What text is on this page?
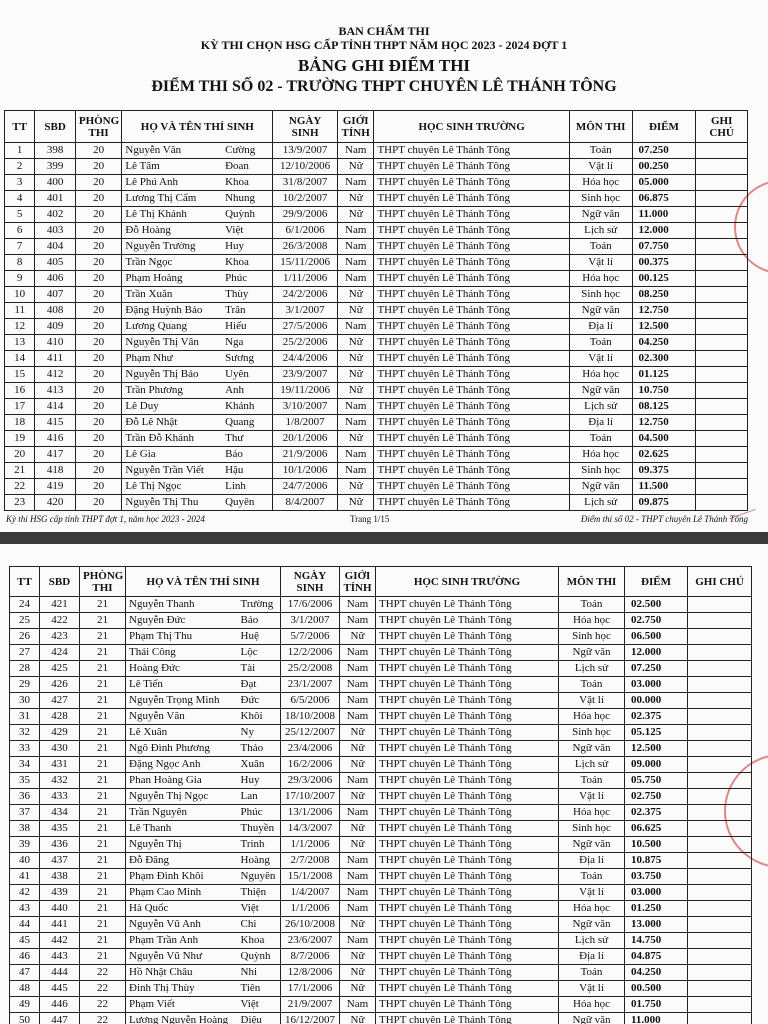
BAN CHẤM THI
KỲ THI CHỌN HSG CẤP TỈNH THPT NĂM HỌC 2023 - 2024 ĐỢT 1
BẢNG GHI ĐIỂM THI
ĐIỂM THI SỐ 02 - TRƯỜNG THPT CHUYÊN LÊ THÁNH TÔNG
TT	SBD	PHÒNG THI	HỌ VÀ TÊN THÍ SINH		NGÀY SINH	GIỚI TÍNH	HỌC SINH TRƯỜNG	MÔN THI	ĐIỂM	GHI CHÚ
1	398	20	Nguyễn Văn	Cường	13/9/2007	Nam	THPT chuyên Lê Thánh Tông	Toán	07.250	
2	399	20	Lê Tâm	Đoan	12/10/2006	Nữ	THPT chuyên Lê Thánh Tông	Vật lí	00.250	
3	400	20	Lê Phú Anh	Khoa	31/8/2007	Nam	THPT chuyên Lê Thánh Tông	Hóa học	05.000	
4	401	20	Lương Thị Cẩm	Nhung	10/2/2007	Nữ	THPT chuyên Lê Thánh Tông	Sinh học	06.875	
5	402	20	Lê Thị Khánh	Quỳnh	29/9/2006	Nữ	THPT chuyên Lê Thánh Tông	Ngữ văn	11.000	
6	403	20	Đỗ Hoàng	Việt	6/1/2006	Nam	THPT chuyên Lê Thánh Tông	Lịch sử	12.000	
7	404	20	Nguyễn Trường	Huy	26/3/2008	Nam	THPT chuyên Lê Thánh Tông	Toán	07.750	
8	405	20	Trần Ngọc	Khoa	15/11/2006	Nam	THPT chuyên Lê Thánh Tông	Vật lí	00.375	
9	406	20	Phạm Hoàng	Phúc	1/11/2006	Nam	THPT chuyên Lê Thánh Tông	Hóa học	00.125	
10	407	20	Trần Xuân	Thùy	24/2/2006	Nữ	THPT chuyên Lê Thánh Tông	Sinh học	08.250	
11	408	20	Đặng Huỳnh Bảo	Trân	3/1/2007	Nữ	THPT chuyên Lê Thánh Tông	Ngữ văn	12.750	
12	409	20	Lương Quang	Hiếu	27/5/2006	Nam	THPT chuyên Lê Thánh Tông	Địa lí	12.500	
13	410	20	Nguyễn Thị Vân	Nga	25/2/2006	Nữ	THPT chuyên Lê Thánh Tông	Toán	04.250	
14	411	20	Phạm Như	Sương	24/4/2006	Nữ	THPT chuyên Lê Thánh Tông	Vật lí	02.300	
15	412	20	Nguyễn Thị Bảo	Uyên	23/9/2007	Nữ	THPT chuyên Lê Thánh Tông	Hóa học	01.125	
16	413	20	Trần Phương	Anh	19/11/2006	Nữ	THPT chuyên Lê Thánh Tông	Ngữ văn	10.750	
17	414	20	Lê Duy	Khánh	3/10/2007	Nam	THPT chuyên Lê Thánh Tông	Lịch sử	08.125	
18	415	20	Đỗ Lê Nhật	Quang	1/8/2007	Nam	THPT chuyên Lê Thánh Tông	Địa lí	12.750	
19	416	20	Trần Đỗ Khánh	Thư	20/1/2006	Nữ	THPT chuyên Lê Thánh Tông	Toán	04.500	
20	417	20	Lê Gia	Bảo	21/9/2006	Nam	THPT chuyên Lê Thánh Tông	Hóa học	02.625	
21	418	20	Nguyễn Trần Viết	Hậu	10/1/2006	Nam	THPT chuyên Lê Thánh Tông	Sinh học	09.375	
22	419	20	Lê Thị Ngọc	Linh	24/7/2006	Nữ	THPT chuyên Lê Thánh Tông	Ngữ văn	11.500	
23	420	20	Nguyễn Thị Thu	Quyên	8/4/2007	Nữ	THPT chuyên Lê Thánh Tông	Lịch sử	09.875	
Kỳ thi HSG cấp tỉnh THPT đợt 1, năm học 2023 - 2024	Trang 1/15	Điểm thi số 02 - THPT chuyên Lê Thánh Tông
TT	SBD	PHÒNG THI	HỌ VÀ TÊN THÍ SINH		NGÀY SINH	GIỚI TÍNH	HỌC SINH TRƯỜNG	MÔN THI	ĐIỂM	GHI CHÚ
24	421	21	Nguyễn Thanh	Trường	17/6/2006	Nam	THPT chuyên Lê Thánh Tông	Toán	02.500	
25	422	21	Nguyễn Đức	Bảo	3/1/2007	Nam	THPT chuyên Lê Thánh Tông	Hóa học	02.750	
26	423	21	Phạm Thị Thu	Huệ	5/7/2006	Nữ	THPT chuyên Lê Thánh Tông	Sinh học	06.500	
27	424	21	Thái Công	Lộc	12/2/2006	Nam	THPT chuyên Lê Thánh Tông	Ngữ văn	12.000	
28	425	21	Hoàng Đức	Tài	25/2/2008	Nam	THPT chuyên Lê Thánh Tông	Lịch sử	07.250	
29	426	21	Lê Tiến	Đạt	23/1/2007	Nam	THPT chuyên Lê Thánh Tông	Toán	03.000	
30	427	21	Nguyễn Trọng Minh	Đức	6/5/2006	Nam	THPT chuyên Lê Thánh Tông	Vật lí	00.000	
31	428	21	Nguyễn Văn	Khôi	18/10/2008	Nam	THPT chuyên Lê Thánh Tông	Hóa học	02.375	
32	429	21	Lê Xuân	Ny	25/12/2007	Nữ	THPT chuyên Lê Thánh Tông	Sinh học	05.125	
33	430	21	Ngô Đình Phương	Thảo	23/4/2006	Nữ	THPT chuyên Lê Thánh Tông	Ngữ văn	12.500	
34	431	21	Đặng Ngọc Anh	Xuân	16/2/2006	Nữ	THPT chuyên Lê Thánh Tông	Lịch sử	09.000	
35	432	21	Phan Hoàng Gia	Huy	29/3/2006	Nam	THPT chuyên Lê Thánh Tông	Toán	05.750	
36	433	21	Nguyễn Thị Ngọc	Lan	17/10/2007	Nữ	THPT chuyên Lê Thánh Tông	Vật lí	02.750	
37	434	21	Trần Nguyên	Phúc	13/1/2006	Nam	THPT chuyên Lê Thánh Tông	Hóa học	02.375	
38	435	21	Lê Thanh	Thuyền	14/3/2007	Nữ	THPT chuyên Lê Thánh Tông	Sinh học	06.625	
39	436	21	Nguyễn Thị	Trinh	1/1/2006	Nữ	THPT chuyên Lê Thánh Tông	Ngữ văn	10.500	
40	437	21	Đỗ Đăng	Hoàng	2/7/2008	Nam	THPT chuyên Lê Thánh Tông	Địa lí	10.875	
41	438	21	Phạm Đình Khôi	Nguyên	15/1/2008	Nam	THPT chuyên Lê Thánh Tông	Toán	03.750	
42	439	21	Phạm Cao Minh	Thiện	1/4/2007	Nam	THPT chuyên Lê Thánh Tông	Vật lí	03.000	
43	440	21	Hà Quốc	Việt	1/1/2006	Nam	THPT chuyên Lê Thánh Tông	Hóa học	01.250	
44	441	21	Nguyễn Vũ Anh	Chi	26/10/2008	Nữ	THPT chuyên Lê Thánh Tông	Ngữ văn	13.000	
45	442	21	Phạm Trần Anh	Khoa	23/6/2007	Nam	THPT chuyên Lê Thánh Tông	Lịch sử	14.750	
46	443	21	Nguyễn Vũ Như	Quỳnh	8/7/2006	Nữ	THPT chuyên Lê Thánh Tông	Địa lí	04.875	
47	444	22	Hồ Nhật Châu	Nhi	12/8/2006	Nữ	THPT chuyên Lê Thánh Tông	Toán	04.250	
48	445	22	Đinh Thị Thùy	Tiên	17/1/2006	Nữ	THPT chuyên Lê Thánh Tông	Vật lí	00.500	
49	446	22	Phạm Viết	Việt	21/9/2007	Nam	THPT chuyên Lê Thánh Tông	Hóa học	01.750	
50	447	22	Lương Nguyễn Hoàng	Diệu	16/12/2007	Nữ	THPT chuyên Lê Thánh Tông	Ngữ văn	11.000	
